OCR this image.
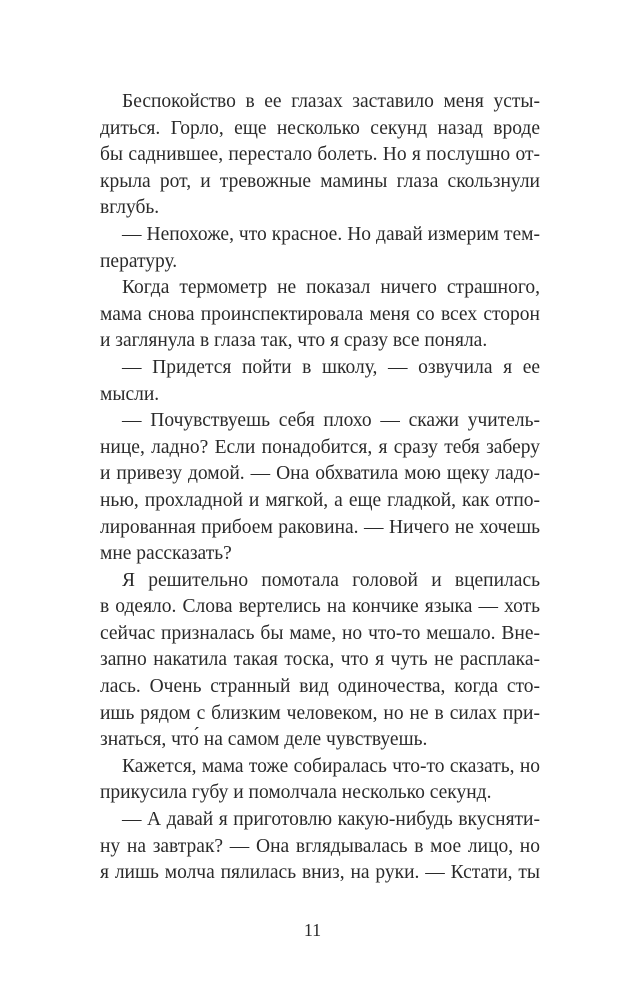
Беспокойство в ее глазах заставило меня усты-
диться. Горло, еще несколько секунд назад вроде
бы саднившее, перестало болеть. Но я послушно от-
крыла рот, и тревожные мамины глаза скользнули
вглубь.
— Непохоже, что красное. Но давай измерим тем-
пературу.
Когда термометр не показал ничего страшного,
мама снова проинспектировала меня со всех сторон
и заглянула в глаза так, что я сразу все поняла.
— Придется пойти в школу, — озвучила я ее
мысли.
— Почувствуешь себя плохо — скажи учитель-
нице, ладно? Если понадобится, я сразу тебя заберу
и привезу домой. — Она обхватила мою щеку ладо-
нью, прохладной и мягкой, а еще гладкой, как отпо-
лированная прибоем раковина. — Ничего не хочешь
мне рассказать?
Я решительно помотала головой и вцепилась
в одеяло. Слова вертелись на кончике языка — хоть
сейчас призналась бы маме, но что-то мешало. Вне-
запно накатила такая тоска, что я чуть не расплака-
лась. Очень странный вид одиночества, когда сто-
ишь рядом с близким человеком, но не в силах при-
знаться, что́ на самом деле чувствуешь.
Кажется, мама тоже собиралась что-то сказать, но
прикусила губу и помолчала несколько секунд.
— А давай я приготовлю какую-нибудь вкусняти-
ну на завтрак? — Она вглядывалась в мое лицо, но
я лишь молча пялилась вниз, на руки. — Кстати, ты
11
